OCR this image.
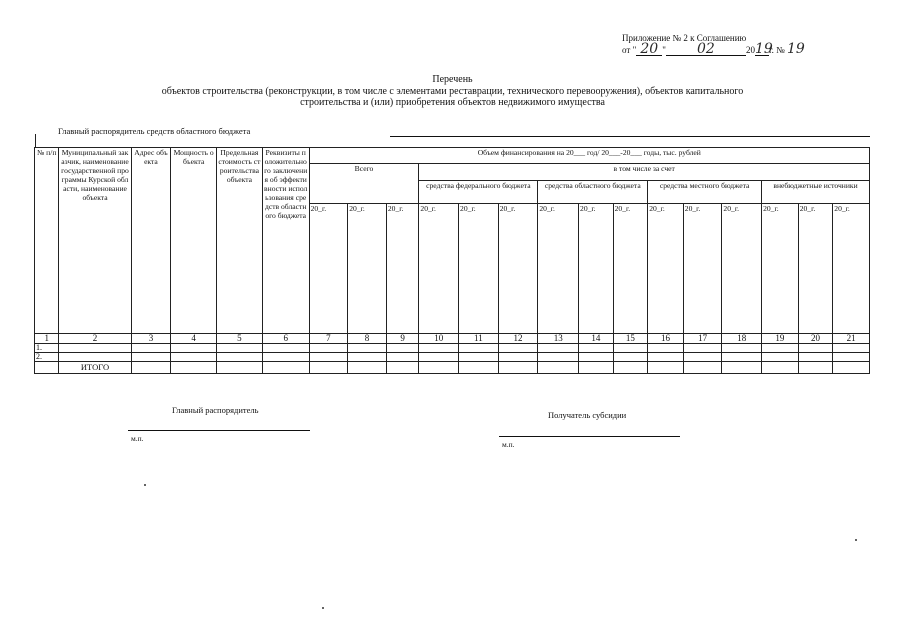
Приложение № 2 к Соглашению
от " 20 " 02	2019г. № 19
Перечень
объектов строительства (реконструкции, в том числе с элементами реставрации, технического перевооружения), объектов капитального
строительства и (или) приобретения объектов недвижимого имущества
Главный распорядитель средств областного бюджета
№ п/п	Муниципальный заказчик, наименование государственной программы Курской области, наименование объекта	Адрес объекта	Мощность объекта	Предельная стоимость строительства объекта	Реквизиты положительного заключения об эффективности использования средств областного бюджета	Объем финансирования на 20___ год/ 20___-20___ годы, тыс. рублей														
						Всего			в том числе за счет											
									средства федерального бюджета			средства областного бюджета			средства местного бюджета			внебюджетные источники		
						20_г.	20_г.	20_г.	20_г.	20_г.	20_г.	20_г.	20_г.	20_г.	20_г.	20_г.	20_г.	20_г.	20_г.	20_г.
1	2	3	4	5	6	7	8	9	10	11	12	13	14	15	16	17	18	19	20	21
1.																				
2.																				
	ИТОГО																			
Главный распорядитель
м.п.
Получатель субсидии
м.п.
